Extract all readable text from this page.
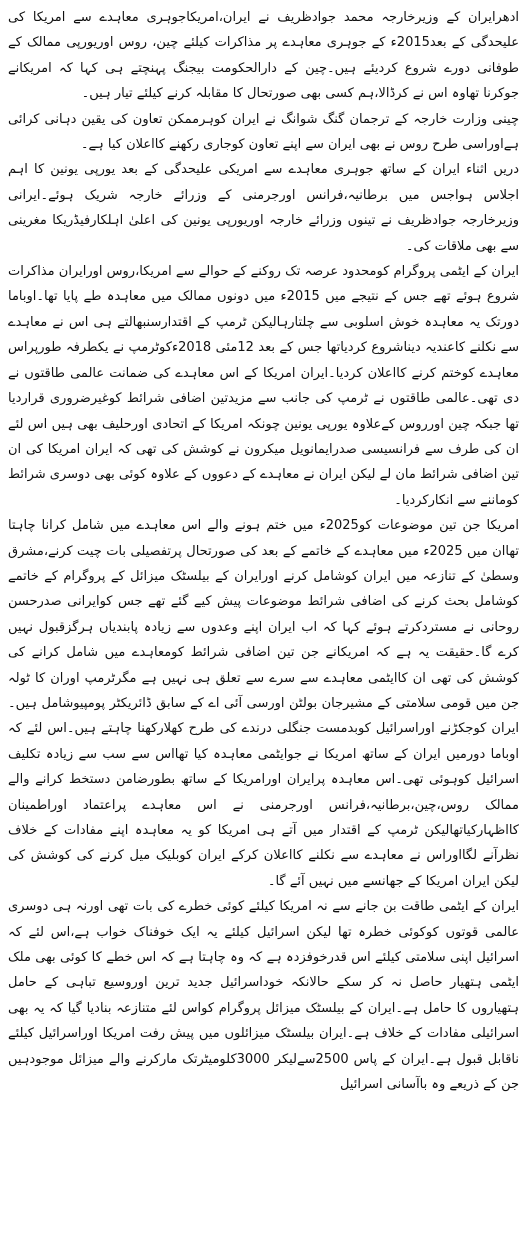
ادھرایران کے وزیرخارجہ محمد جوادظریف نے ایران،امریکاجوہری معاہدے سے امریکا کی علیحدگی کے بعد2015ء کے جوہری معاہدے پر مذاکرات کیلئے چین، روس اوریورپی ممالک کے طوفانی دورے شروع کردیئے ہیں۔چین کے دارالحکومت بیجنگ پہنچتے ہی کہا کہ امریکانے جوکرنا تھاوہ اس نے کرڈالا،ہم کسی بھی صورتحال کا مقابلہ کرنے کیلئے تیار ہیں۔

چینی وزارت خارجہ کے ترجمان گنگ شوانگ نے ایران کوہرممکن تعاون کی یقین دہانی کرائی ہےاوراسی طرح روس نے بھی ایران سے اپنے تعاون کوجاری رکھنے کااعلان کیا ہے۔

دریں اثناء ایران کے ساتھ جوہری معاہدے سے امریکی علیحدگی کے بعد یورپی یونین کا اہم اجلاس ہواجس میں برطانیہ،فرانس اورجرمنی کے وزرائے خارجہ شریک ہوئے۔ایرانی وزیرخارجہ جوادظریف نے تینوں وزرائے خارجہ اوریورپی یونین کی اعلیٰ اہلکارفیڈریکا مغرینی سے بھی ملاقات کی۔

ایران کے ایٹمی پروگرام کومحدود عرصہ تک روکنے کے حوالے سے امریکا،روس اورایران مذاکرات شروع ہوئے تھے جس کے نتیجے میں 2015ء میں دونوں ممالک میں معاہدہ طے پایا تھا۔اوباما دورتک یہ معاہدہ خوش اسلوبی سے چلتارہالیکن ٹرمپ کے اقتدارسنبھالتے ہی اس نے معاہدے سے نکلنے کاعندیہ دیناشروع کردیاتھا جس کے بعد 12مئی 2018ءکوٹرمپ نے یکطرفہ طورپراس معاہدے کوختم کرنے کااعلان کردیا۔ایران امریکا کے اس معاہدے کی ضمانت عالمی طاقتوں نے دی تھی۔عالمی طاقتوں نے ٹرمپ کی جانب سے مزیدتین اضافی شرائط کوغیرضروری قراردیا تھا جبکہ چین اورروس کےعلاوہ یورپی یونین چونکہ امریکا کے اتحادی اورحلیف بھی ہیں اس لئے ان کی طرف سے فرانسیسی صدرایمانویل میکرون نے کوشش کی تھی کہ ایران امریکا کی ان تین اضافی شرائط مان لے لیکن ایران نے معاہدے کے دعووں کے علاوہ کوئی بھی دوسری شرائط کوماننے سے انکارکردیا۔

امریکا جن تین موضوعات کو2025ء میں ختم ہونے والے اس معاہدے میں شامل کرانا چاہتا تھاان میں 2025ء میں معاہدے کے خاتمے کے بعد کی صورتحال پرتفصیلی بات چیت کرنے،مشرق وسطیٰ کے تنازعہ میں ایران کوشامل کرنے اورایران کے بیلسٹک میزائل کے پروگرام کے خاتمے کوشامل بحث کرنے کی اضافی شرائط موضوعات پیش کیے گئے تھے جس کوایرانی صدرحسن روحانی نے مستردکرتے ہوئے کہا کہ اب ایران اپنے وعدوں سے زیادہ پابندیاں ہرگزقبول نہیں کرے گا۔حقیقت یہ ہے کہ امریکانے جن تین اضافی شرائط کومعاہدے میں شامل کرانے کی کوشش کی تھی ان کاایٹمی معاہدے سے سرے سے تعلق ہی نہیں ہے مگرٹرمپ اوران کا ٹولہ جن میں قومی سلامتی کے مشیرجان بولٹن اورسی آئی اے کے سابق ڈائریکٹر پومپیوشامل ہیں۔ایران کوجکڑنے اوراسرائیل کوبدمست جنگلی درندے کی طرح کھلارکھنا چاہتے ہیں۔اس لئے کہ اوباما دورمیں ایران کے ساتھ امریکا نے جوایٹمی معاہدہ کیا تھااس سے سب سے زیادہ تکلیف اسرائیل کوہوئی تھی۔اس معاہدہ پرایران اورامریکا کے ساتھ بطورضامن دستخط کرانے والے ممالک روس،چین،برطانیہ،فرانس اورجرمنی نے اس معاہدے پراعتماد اوراطمینان کااظہارکیاتھالیکن ٹرمپ کے اقتدار میں آتے ہی امریکا کو یہ معاہدہ اپنے مفادات کے خلاف نظرآنے لگااوراس نے معاہدے سے نکلنے کااعلان کرکے ایران کوبلیک میل کرنے کی کوشش کی لیکن ایران امریکا کے جھانسے میں نہیں آئے گا۔

ایران کے ایٹمی طاقت بن جانے سے نہ امریکا کیلئے کوئی خطرے کی بات تھی اورنہ ہی دوسری عالمی قوتوں کوکوئی خطرہ تھا لیکن اسرائیل کیلئے یہ ایک خوفناک خواب ہے،اس لئے کہ اسرائیل اپنی سلامتی کیلئے اس قدرخوفزدہ ہے کہ وہ چاہتا ہے کہ اس خطے کا کوئی بھی ملک ایٹمی ہتھیار حاصل نہ کر سکے حالانکہ خوداسرائیل جدید ترین اوروسیع تباہی کے حامل ہتھیاروں کا حامل ہے۔ایران کے بیلسٹک میزائل پروگرام کواس لئے متنازعہ بنادیا گیا کہ یہ بھی اسرائیلی مفادات کے خلاف ہے۔ایران بیلسٹک میزائلوں میں پیش رفت امریکا اوراسرائیل کیلئے ناقابل قبول ہے۔ایران کے پاس 2500سےلیکر 3000کلومیٹرتک مارکرنے والے میزائل موجودہیں جن کے ذریعے وہ باآسانی اسرائیل
